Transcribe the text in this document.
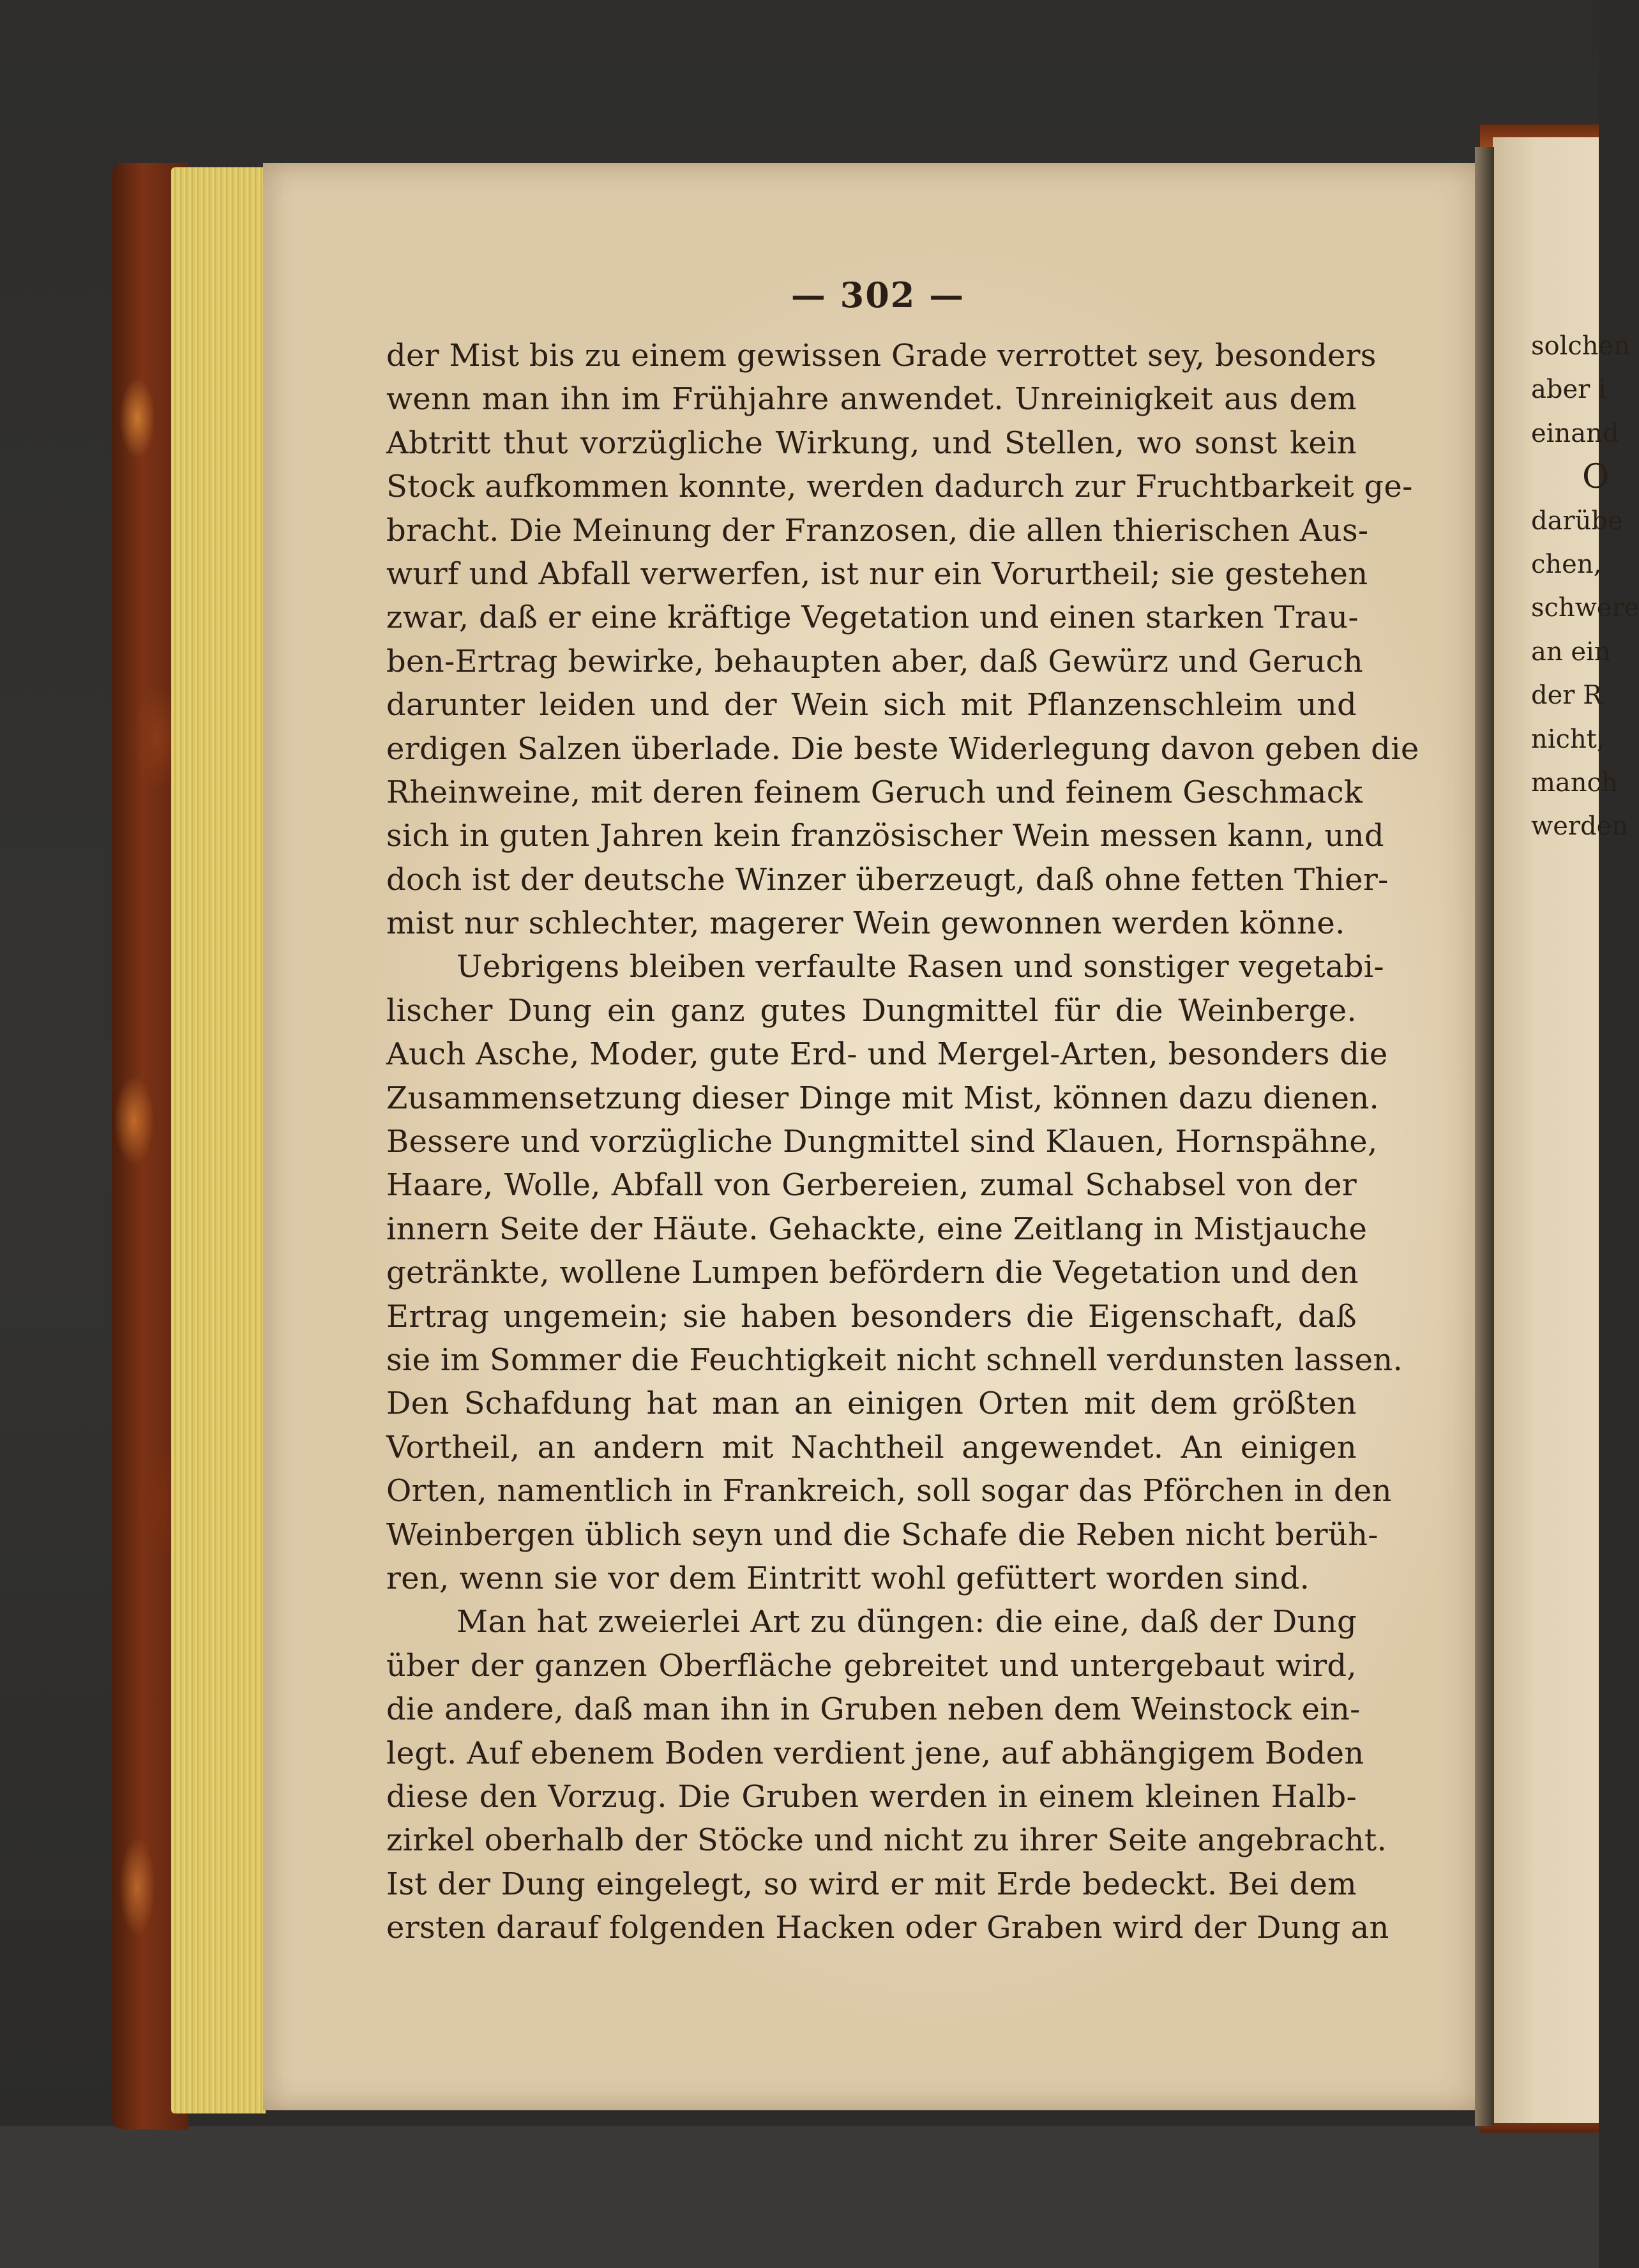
— 302 —
der Mist bis zu einem gewissen Grade verrottet sey, besonders
wenn man ihn im Frühjahre anwendet. Unreinigkeit aus dem
Abtritt thut vorzügliche Wirkung, und Stellen, wo sonst kein
Stock aufkommen konnte, werden dadurch zur Fruchtbarkeit ge-
bracht. Die Meinung der Franzosen, die allen thierischen Aus-
wurf und Abfall verwerfen, ist nur ein Vorurtheil; sie gestehen
zwar, daß er eine kräftige Vegetation und einen starken Trau-
ben-Ertrag bewirke, behaupten aber, daß Gewürz und Geruch
darunter leiden und der Wein sich mit Pflanzenschleim und
erdigen Salzen überlade. Die beste Widerlegung davon geben die
Rheinweine, mit deren feinem Geruch und feinem Geschmack
sich in guten Jahren kein französischer Wein messen kann, und
doch ist der deutsche Winzer überzeugt, daß ohne fetten Thier-
mist nur schlechter, magerer Wein gewonnen werden könne.
Uebrigens bleiben verfaulte Rasen und sonstiger vegetabi-
lischer Dung ein ganz gutes Dungmittel für die Weinberge.
Auch Asche, Moder, gute Erd- und Mergel-Arten, besonders die
Zusammensetzung dieser Dinge mit Mist, können dazu dienen.
Bessere und vorzügliche Dungmittel sind Klauen, Hornspähne,
Haare, Wolle, Abfall von Gerbereien, zumal Schabsel von der
innern Seite der Häute. Gehackte, eine Zeitlang in Mistjauche
getränkte, wollene Lumpen befördern die Vegetation und den
Ertrag ungemein; sie haben besonders die Eigenschaft, daß
sie im Sommer die Feuchtigkeit nicht schnell verdunsten lassen.
Den Schafdung hat man an einigen Orten mit dem größten
Vortheil, an andern mit Nachtheil angewendet. An einigen
Orten, namentlich in Frankreich, soll sogar das Pförchen in den
Weinbergen üblich seyn und die Schafe die Reben nicht berüh-
ren, wenn sie vor dem Eintritt wohl gefüttert worden sind.
Man hat zweierlei Art zu düngen: die eine, daß der Dung
über der ganzen Oberfläche gebreitet und untergebaut wird,
die andere, daß man ihn in Gruben neben dem Weinstock ein-
legt. Auf ebenem Boden verdient jene, auf abhängigem Boden
diese den Vorzug. Die Gruben werden in einem kleinen Halb-
zirkel oberhalb der Stöcke und nicht zu ihrer Seite angebracht.
Ist der Dung eingelegt, so wird er mit Erde bedeckt. Bei dem
ersten darauf folgenden Hacken oder Graben wird der Dung an
solchen
aber i
einand
O
darübe
chen,
schwere
an ein
der R
nicht,
manch
werden
